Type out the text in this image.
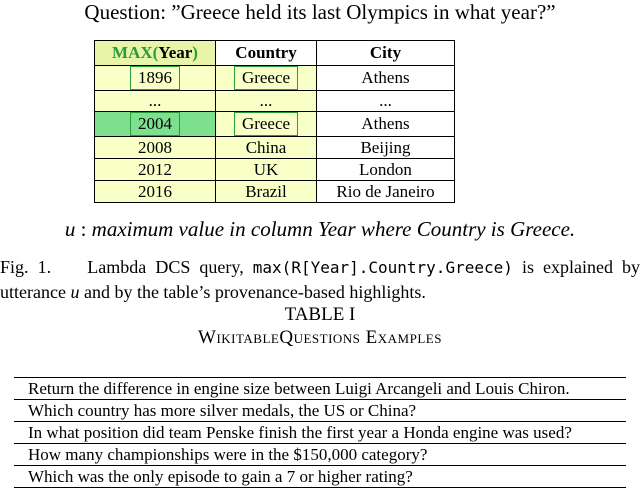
Question: ”Greece held its last Olympics in what year?”
MAX(Year)	Country	City
1896	Greece	Athens
...	...	...
2004	Greece	Athens
2008	China	Beijing
2012	UK	London
2016	Brazil	Rio de Janeiro
u : maximum value in column Year where Country is Greece.
Fig. 1. Lambda DCS query, max(R[Year].Country.Greece) is explained by utterance u and by the table’s provenance-based highlights.
TABLE I
WikitableQuestions Examples
Return the difference in engine size between Luigi Arcangeli and Louis Chiron.
Which country has more silver medals, the US or China?
In what position did team Penske finish the first year a Honda engine was used?
How many championships were in the $150,000 category?
Which was the only episode to gain a 7 or higher rating?
